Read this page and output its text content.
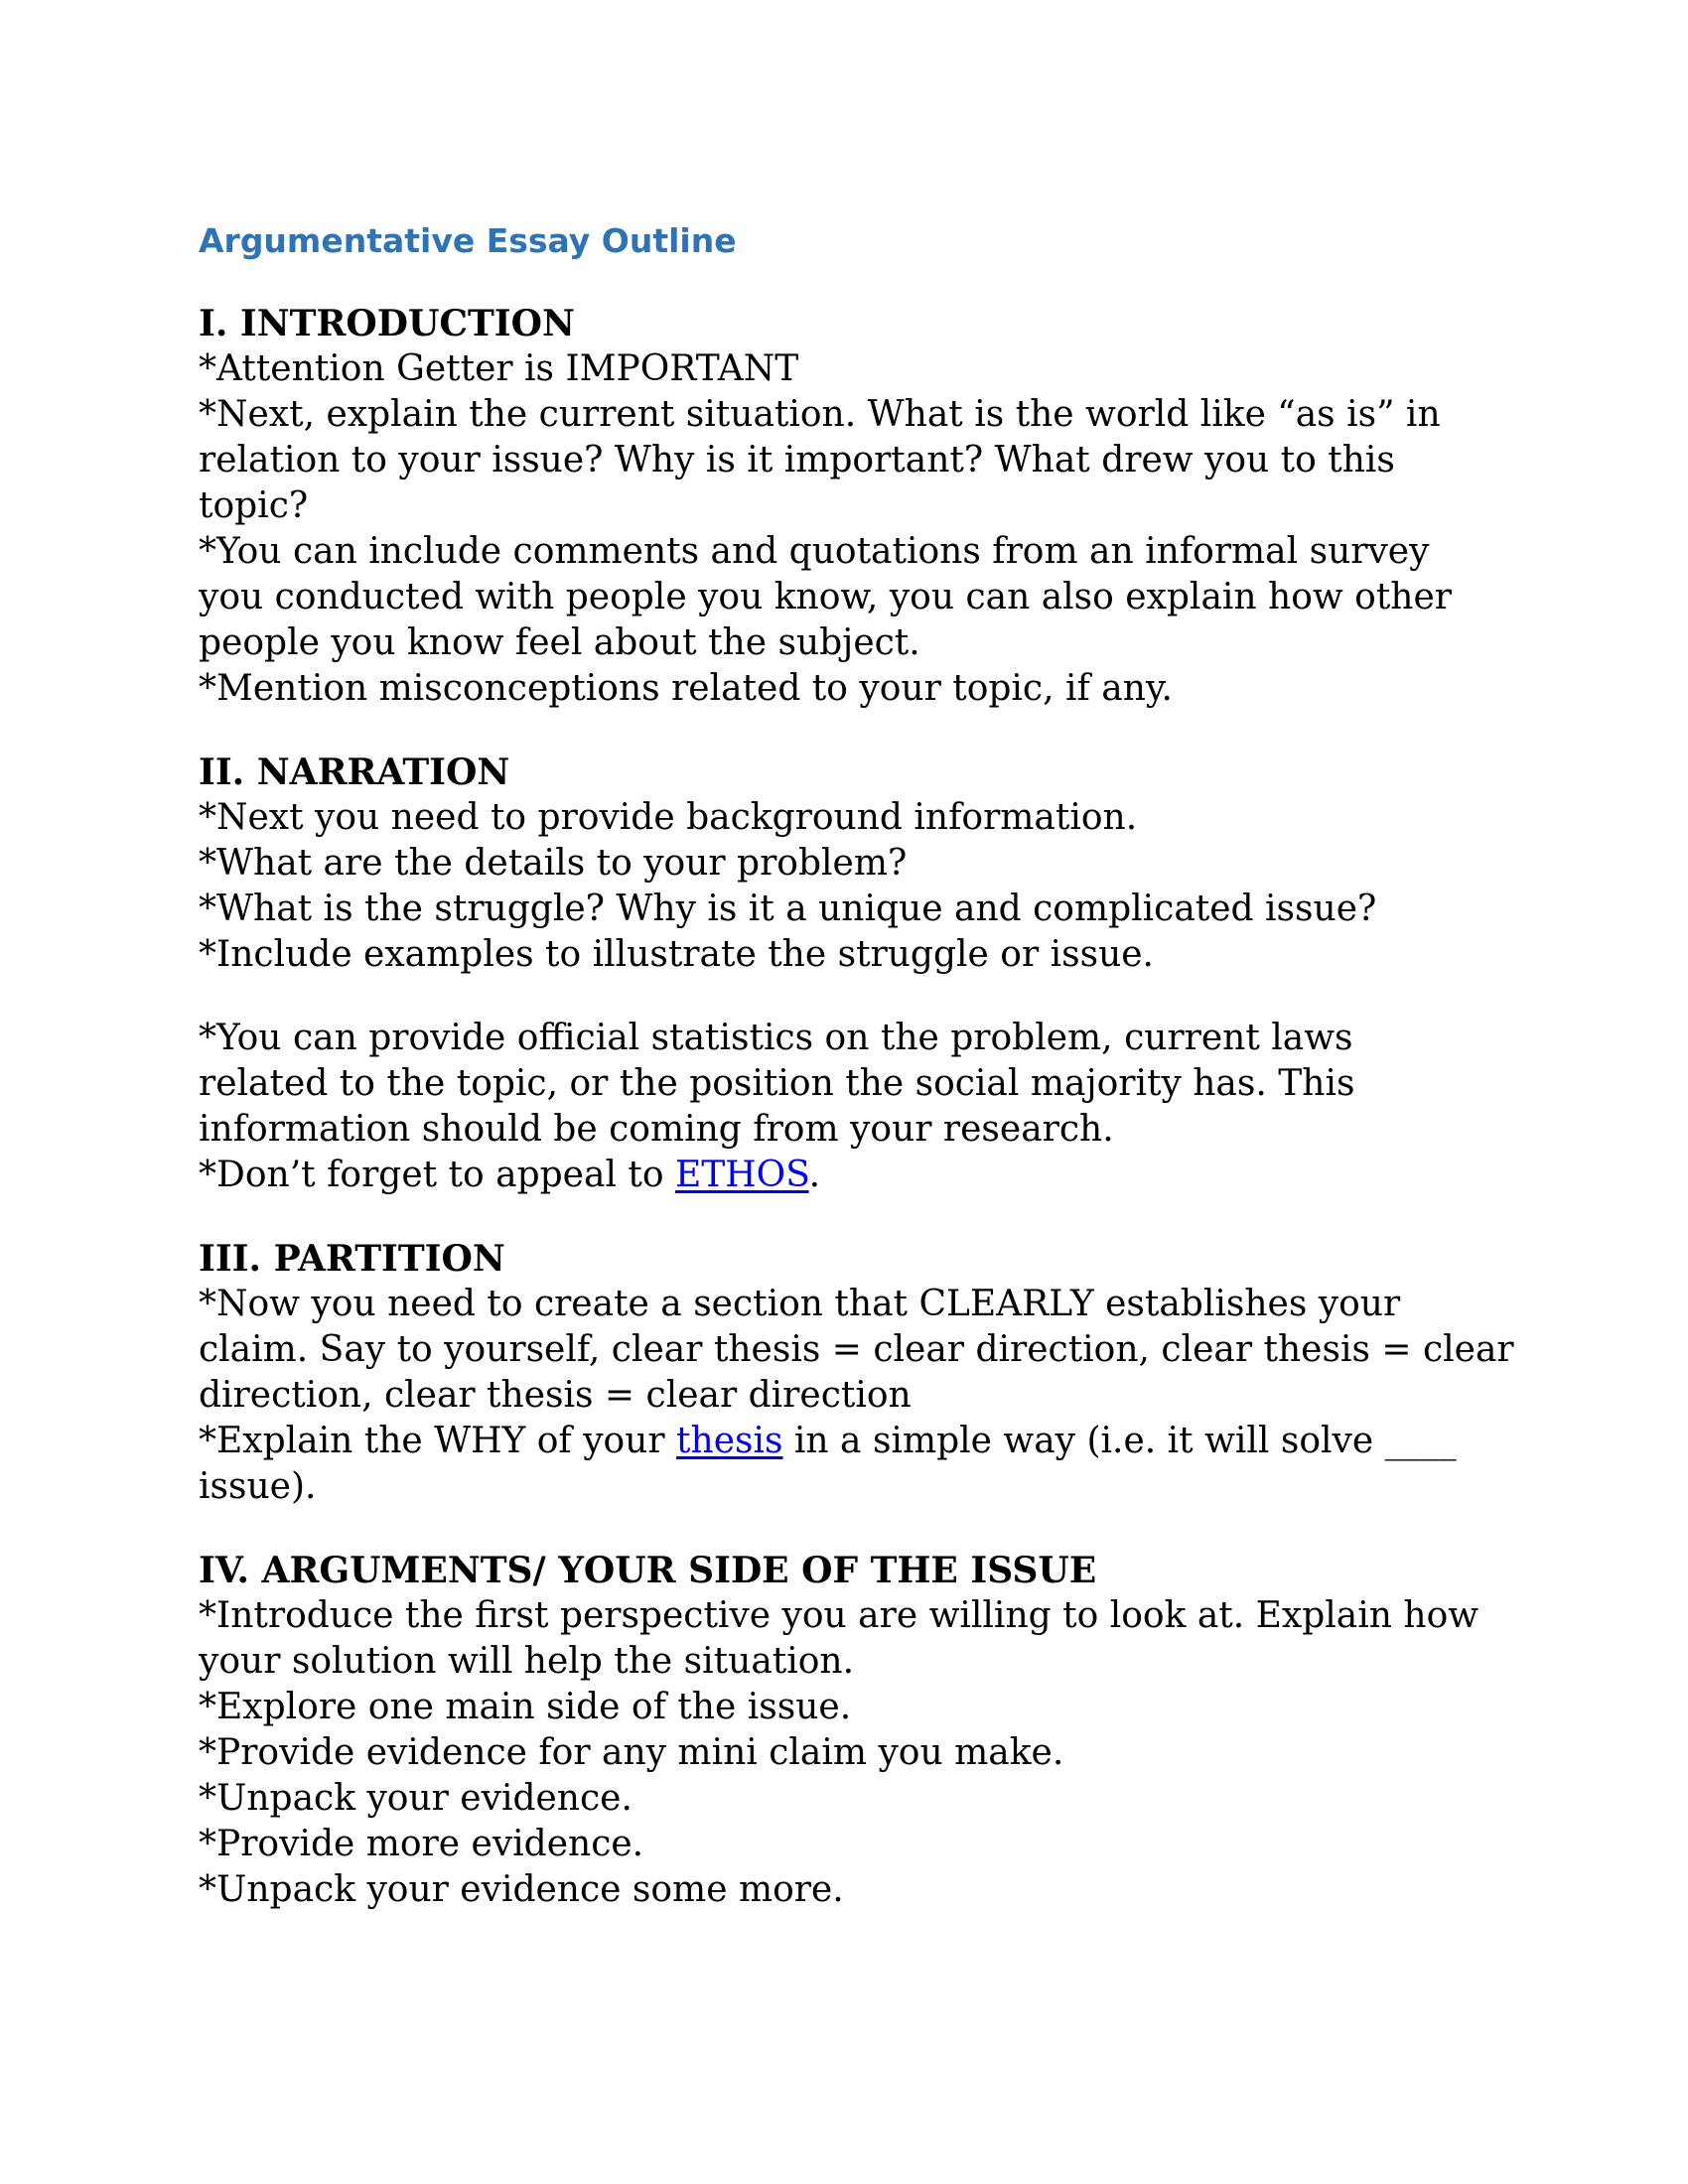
Argumentative Essay Outline

I. INTRODUCTION

*Attention Getter is IMPORTANT

*Next, explain the current situation. What is the world like “as is” in

relation to your issue? Why is it important? What drew you to this

topic?

*You can include comments and quotations from an informal survey

you conducted with people you know, you can also explain how other

people you know feel about the subject.

*Mention misconceptions related to your topic, if any.

II. NARRATION

*Next you need to provide background information.

*What are the details to your problem?

*What is the struggle? Why is it a unique and complicated issue?

*Include examples to illustrate the struggle or issue.

*You can provide official statistics on the problem, current laws

related to the topic, or the position the social majority has. This

information should be coming from your research.

*Don’t forget to appeal to ETHOS.

III. PARTITION

*Now you need to create a section that CLEARLY establishes your

claim. Say to yourself, clear thesis = clear direction, clear thesis = clear

direction, clear thesis = clear direction

*Explain the WHY of your thesis in a simple way (i.e. it will solve ____

issue).

IV. ARGUMENTS/ YOUR SIDE OF THE ISSUE

*Introduce the first perspective you are willing to look at. Explain how

your solution will help the situation.

*Explore one main side of the issue.

*Provide evidence for any mini claim you make.

*Unpack your evidence.

*Provide more evidence.

*Unpack your evidence some more.
